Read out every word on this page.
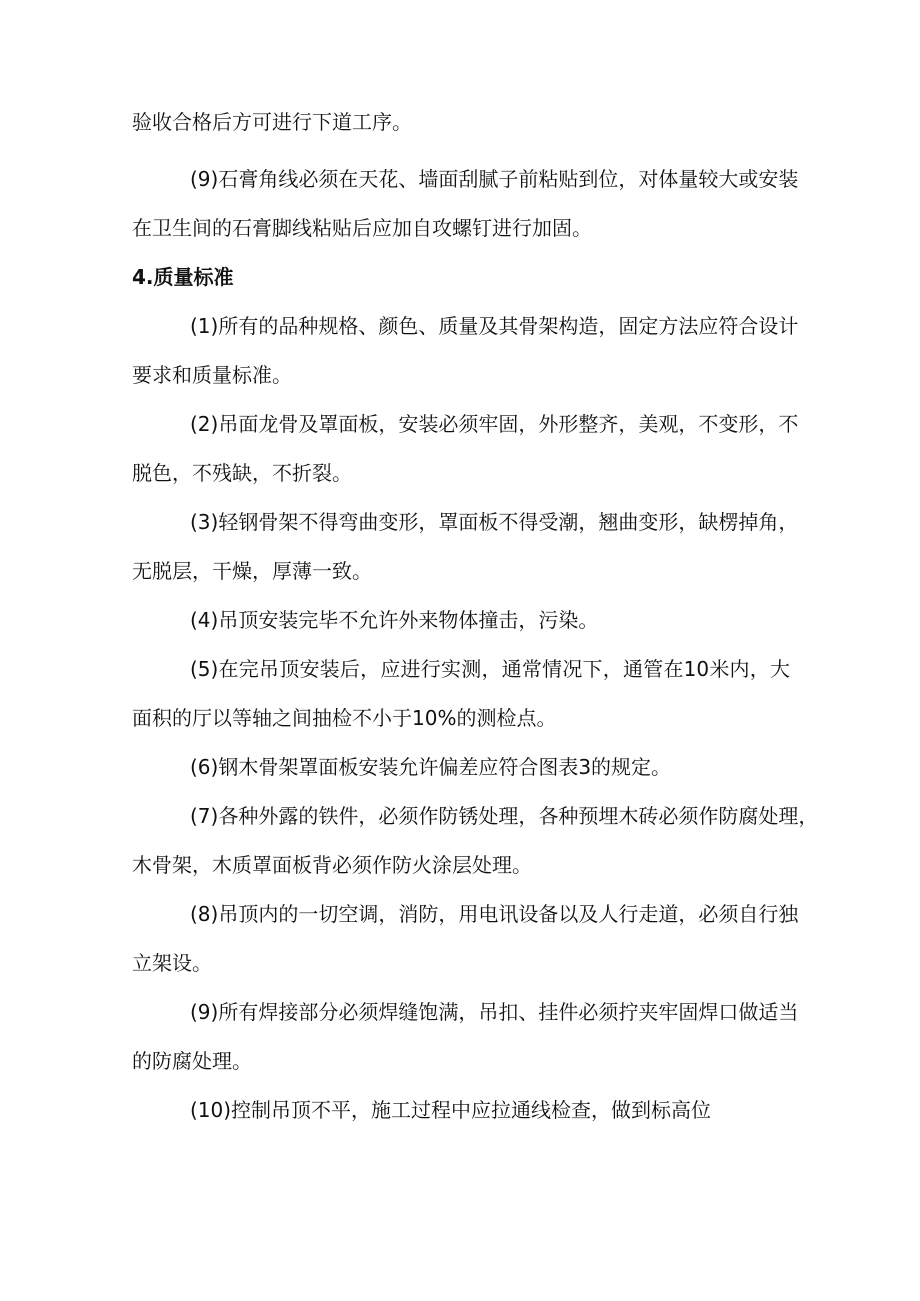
验收合格后方可进行下道工序。
(9)石膏角线必须在天花、墙面刮腻子前粘贴到位，对体量较大或安装
在卫生间的石膏脚线粘贴后应加自攻螺钉进行加固。
4.质量标准
(1)所有的品种规格、颜色、质量及其骨架构造，固定方法应符合设计
要求和质量标准。
(2)吊面龙骨及罩面板，安装必须牢固，外形整齐，美观，不变形，不
脱色，不残缺，不折裂。
(3)轻钢骨架不得弯曲变形，罩面板不得受潮，翘曲变形，缺楞掉角，
无脱层，干燥，厚薄一致。
(4)吊顶安装完毕不允许外来物体撞击，污染。
(5)在完吊顶安装后，应进行实测，通常情况下，通管在10米内，大
面积的厅以等轴之间抽检不小于10%的测检点。
(6)钢木骨架罩面板安装允许偏差应符合图表3的规定。
(7)各种外露的铁件，必须作防锈处理，各种预埋木砖必须作防腐处理，
木骨架，木质罩面板背必须作防火涂层处理。
(8)吊顶内的一切空调，消防，用电讯设备以及人行走道，必须自行独
立架设。
(9)所有焊接部分必须焊缝饱满，吊扣、挂件必须拧夹牢固焊口做适当
的防腐处理。
(10)控制吊顶不平，施工过程中应拉通线检查，做到标高位
